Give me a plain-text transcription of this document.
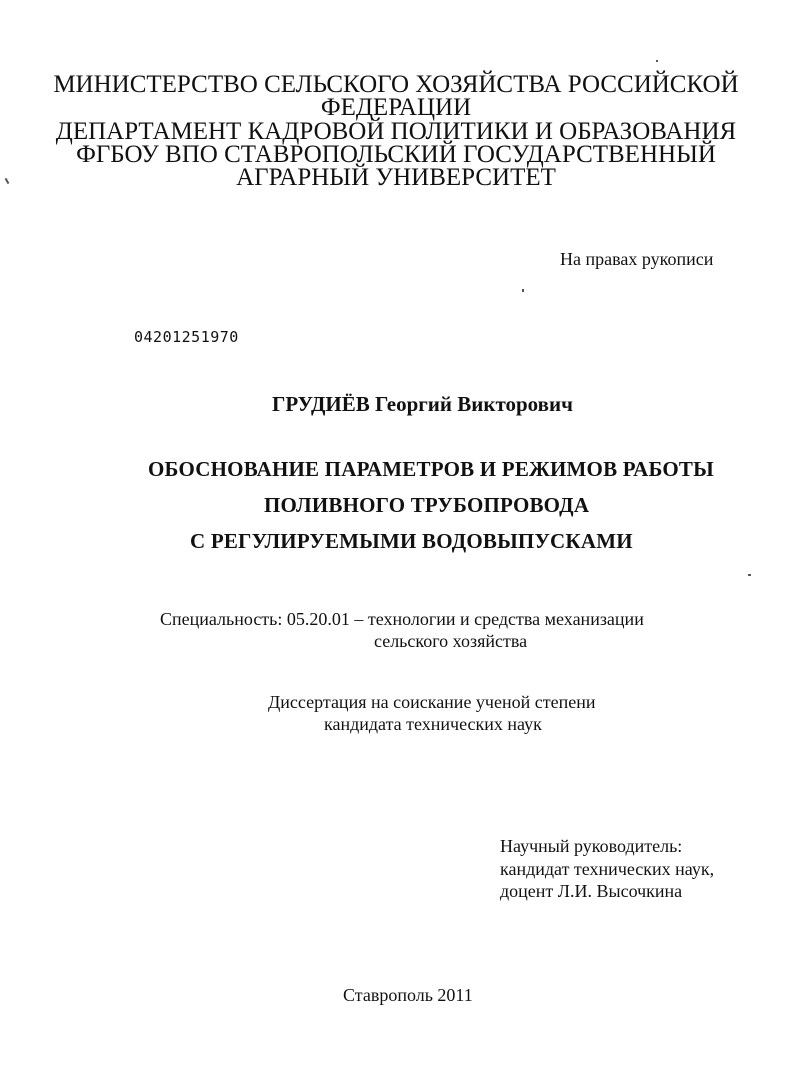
МИНИСТЕРСТВО СЕЛЬСКОГО ХОЗЯЙСТВА РОССИЙСКОЙ
ФЕДЕРАЦИИ
ДЕПАРТАМЕНТ КАДРОВОЙ ПОЛИТИКИ И ОБРАЗОВАНИЯ
ФГБОУ ВПО СТАВРОПОЛЬСКИЙ ГОСУДАРСТВЕННЫЙ
АГРАРНЫЙ УНИВЕРСИТЕТ
На правах рукописи
04201251970
ГРУДИЁВ Георгий Викторович
ОБОСНОВАНИЕ ПАРАМЕТРОВ И РЕЖИМОВ РАБОТЫ
ПОЛИВНОГО ТРУБОПРОВОДА
С РЕГУЛИРУЕМЫМИ ВОДОВЫПУСКАМИ
Специальность: 05.20.01 – технологии и средства механизации
сельского хозяйства
Диссертация на соискание ученой степени
кандидата технических наук
Научный руководитель:
кандидат технических наук,
доцент Л.И. Высочкина
Ставрополь 2011
